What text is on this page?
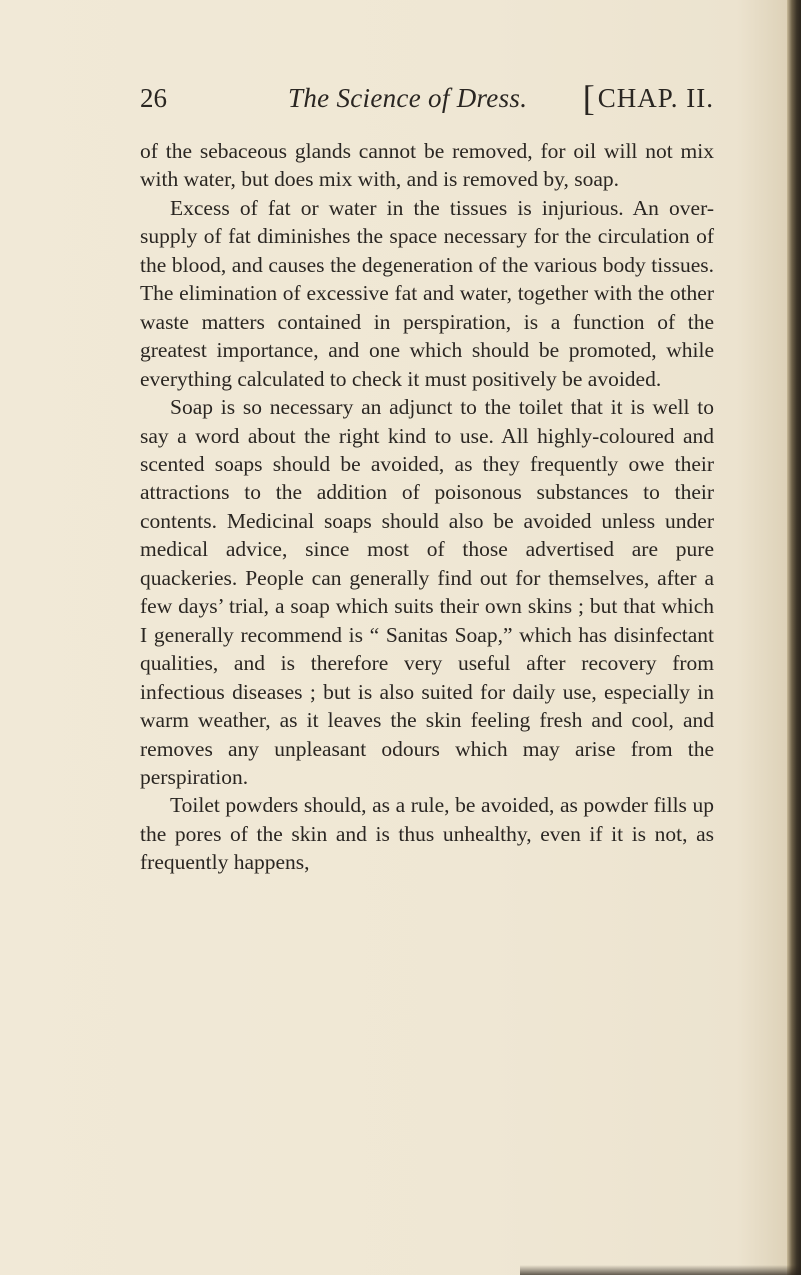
26	The Science of Dress. [CHAP. II.

of the sebaceous glands cannot be removed, for oil will not mix with water, but does mix with, and is removed by, soap.

Excess of fat or water in the tissues is injurious. An over-supply of fat diminishes the space necessary for the circulation of the blood, and causes the degeneration of the various body tissues. The elimination of excessive fat and water, together with the other waste matters contained in perspiration, is a function of the greatest importance, and one which should be promoted, while everything calculated to check it must positively be avoided.

Soap is so necessary an adjunct to the toilet that it is well to say a word about the right kind to use. All highly-coloured and scented soaps should be avoided, as they frequently owe their attractions to the addition of poisonous substances to their contents. Medicinal soaps should also be avoided unless under medical advice, since most of those advertised are pure quackeries. People can generally find out for themselves, after a few days’ trial, a soap which suits their own skins ; but that which I generally recommend is “ Sanitas Soap,” which has disinfectant qualities, and is therefore very useful after recovery from infectious diseases ; but is also suited for daily use, especially in warm weather, as it leaves the skin feeling fresh and cool, and removes any unpleasant odours which may arise from the perspiration.

Toilet powders should, as a rule, be avoided, as powder fills up the pores of the skin and is thus unhealthy, even if it is not, as frequently happens,
